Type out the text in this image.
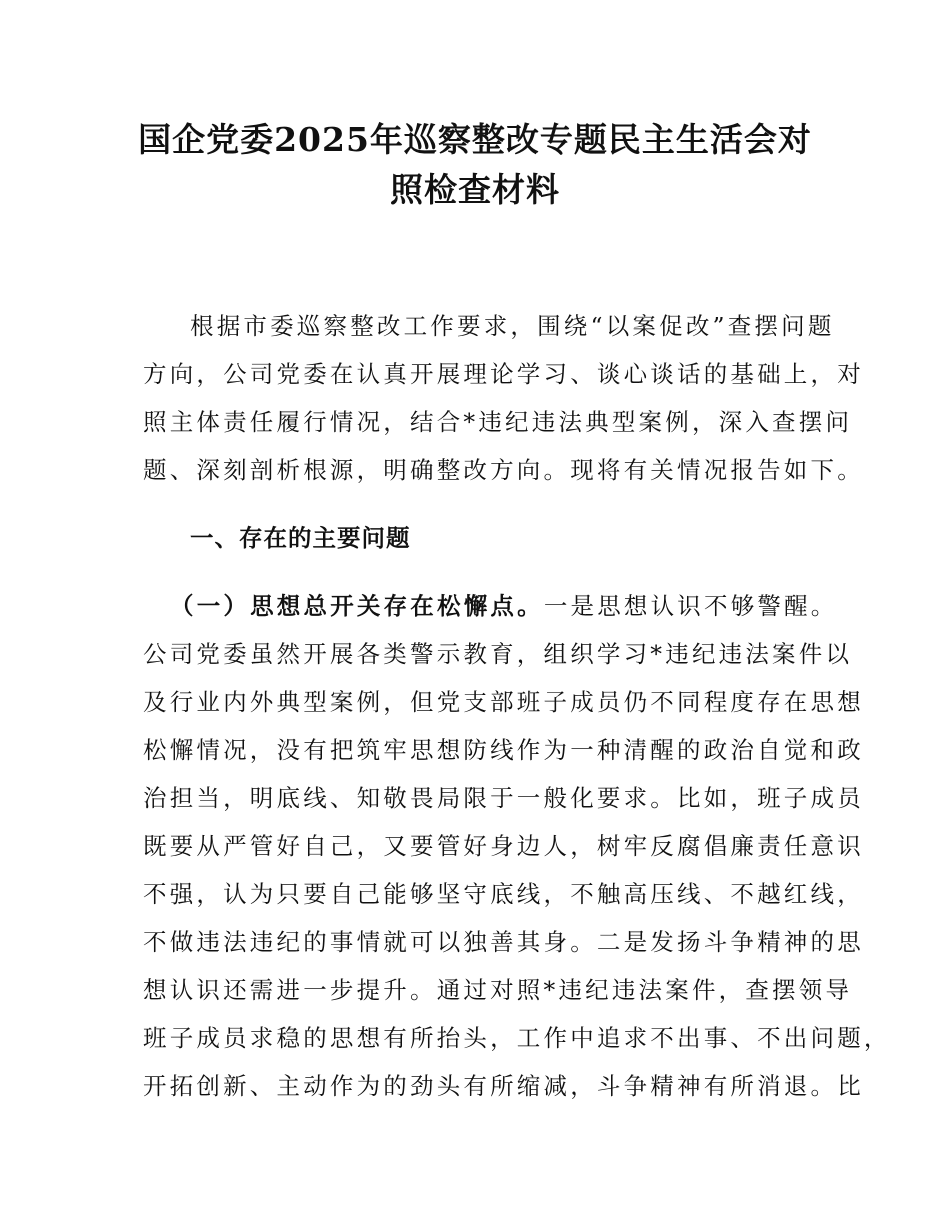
国企党委2025年巡察整改专题民主生活会对
照检查材料
根据市委巡察整改工作要求，围绕“以案促改”查摆问题
方向，公司党委在认真开展理论学习、谈心谈话的基础上，对
照主体责任履行情况，结合*违纪违法典型案例，深入查摆问
题、深刻剖析根源，明确整改方向。现将有关情况报告如下。
一、存在的主要问题
（一）思想总开关存在松懈点。一是思想认识不够警醒。
公司党委虽然开展各类警示教育，组织学习*违纪违法案件以
及行业内外典型案例，但党支部班子成员仍不同程度存在思想
松懈情况，没有把筑牢思想防线作为一种清醒的政治自觉和政
治担当，明底线、知敬畏局限于一般化要求。比如，班子成员
既要从严管好自己，又要管好身边人，树牢反腐倡廉责任意识
不强，认为只要自己能够坚守底线，不触高压线、不越红线，
不做违法违纪的事情就可以独善其身。二是发扬斗争精神的思
想认识还需进一步提升。通过对照*违纪违法案件，查摆领导
班子成员求稳的思想有所抬头，工作中追求不出事、不出问题，
开拓创新、主动作为的劲头有所缩减，斗争精神有所消退。比
